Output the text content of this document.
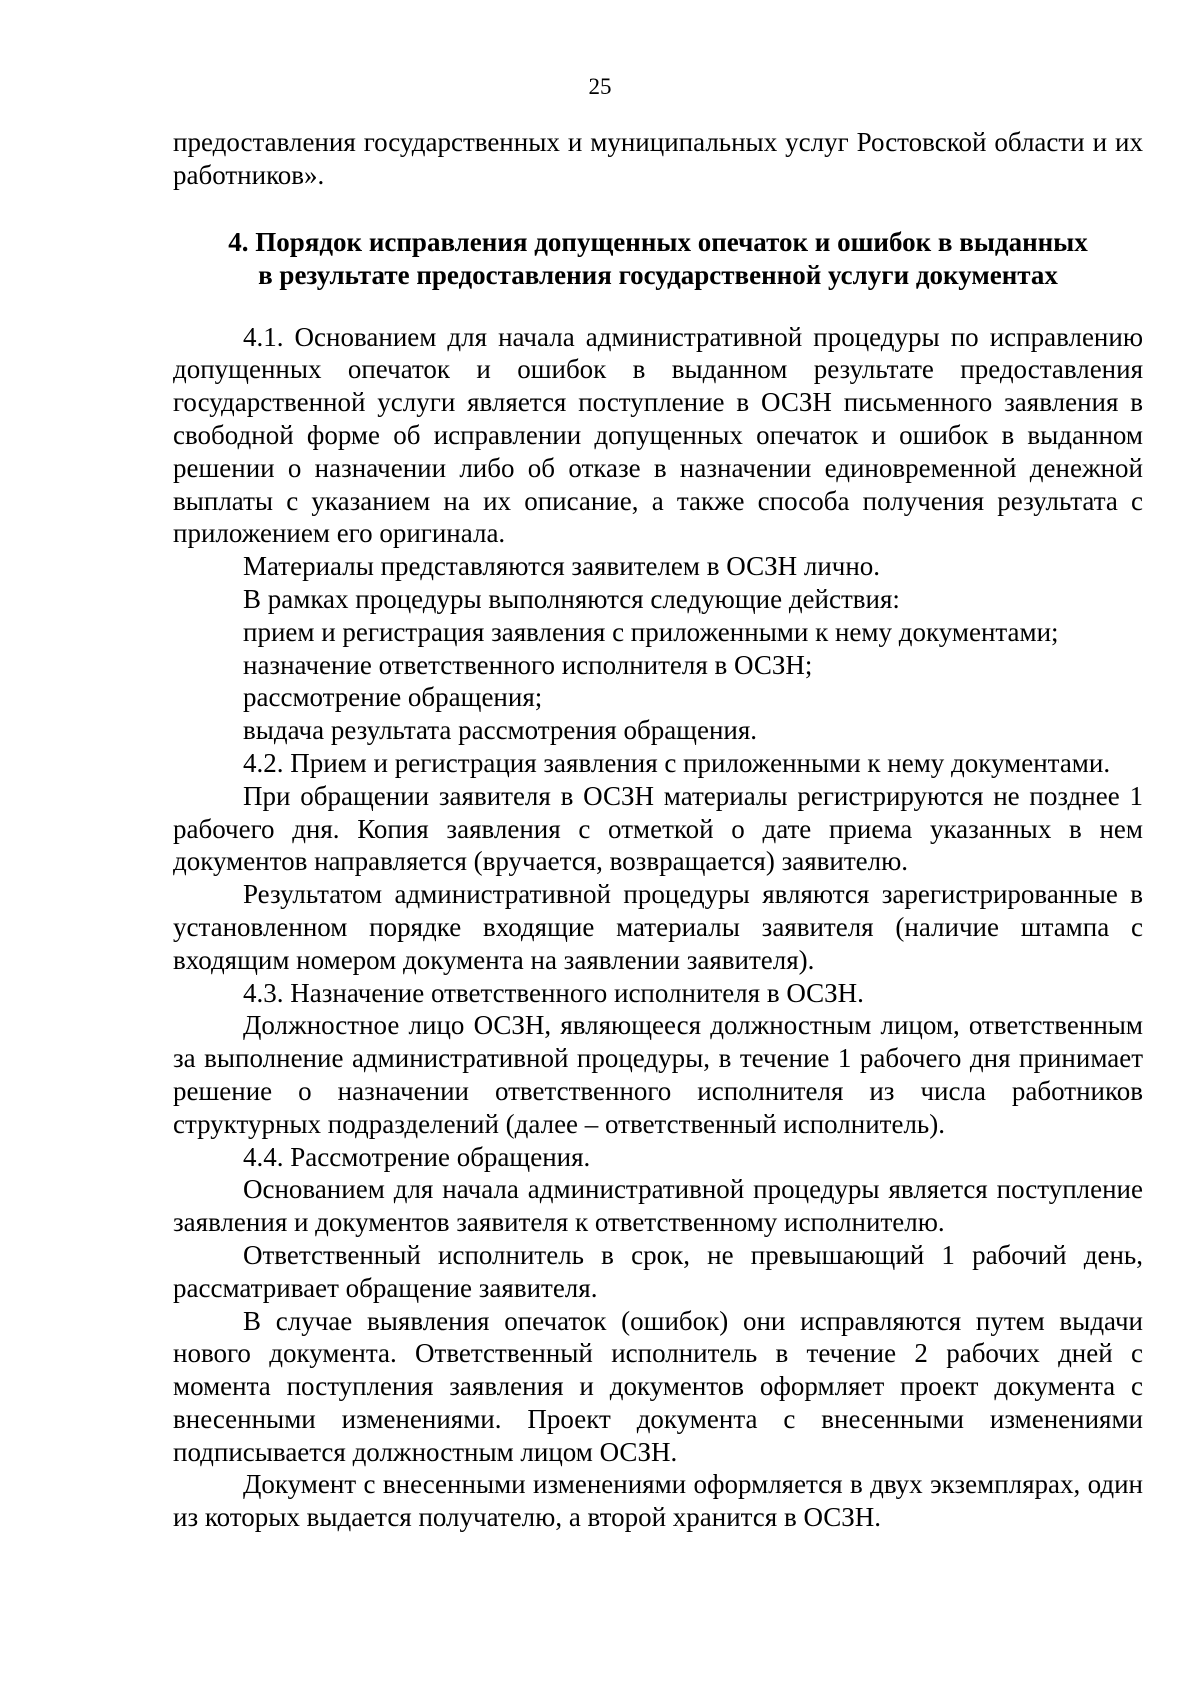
25

предоставления государственных и муниципальных услуг Ростовской области и их работников».

4. Порядок исправления допущенных опечаток и ошибок в выданных
в результате предоставления государственной услуги документах

4.1. Основанием для начала административной процедуры по исправлению допущенных опечаток и ошибок в выданном результате предоставления государственной услуги является поступление в ОСЗН письменного заявления в свободной форме об исправлении допущенных опечаток и ошибок в выданном решении о назначении либо об отказе в назначении единовременной денежной выплаты с указанием на их описание, а также способа получения результата с приложением его оригинала.

Материалы представляются заявителем в ОСЗН лично.

В рамках процедуры выполняются следующие действия:

прием и регистрация заявления с приложенными к нему документами;

назначение ответственного исполнителя в ОСЗН;

рассмотрение обращения;

выдача результата рассмотрения обращения.

4.2. Прием и регистрация заявления с приложенными к нему документами.

При обращении заявителя в ОСЗН материалы регистрируются не позднее 1 рабочего дня. Копия заявления с отметкой о дате приема указанных в нем документов направляется (вручается, возвращается) заявителю.

Результатом административной процедуры являются зарегистрированные в установленном порядке входящие материалы заявителя (наличие штампа с входящим номером документа на заявлении заявителя).

4.3. Назначение ответственного исполнителя в ОСЗН.

Должностное лицо ОСЗН, являющееся должностным лицом, ответственным за выполнение административной процедуры, в течение 1 рабочего дня принимает решение о назначении ответственного исполнителя из числа работников структурных подразделений (далее – ответственный исполнитель).

4.4. Рассмотрение обращения.

Основанием для начала административной процедуры является поступление заявления и документов заявителя к ответственному исполнителю.

Ответственный исполнитель в срок, не превышающий 1 рабочий день, рассматривает обращение заявителя.

В случае выявления опечаток (ошибок) они исправляются путем выдачи нового документа. Ответственный исполнитель в течение 2 рабочих дней с момента поступления заявления и документов оформляет проект документа с внесенными изменениями. Проект документа с внесенными изменениями подписывается должностным лицом ОСЗН.

Документ с внесенными изменениями оформляется в двух экземплярах, один из которых выдается получателю, а второй хранится в ОСЗН.
